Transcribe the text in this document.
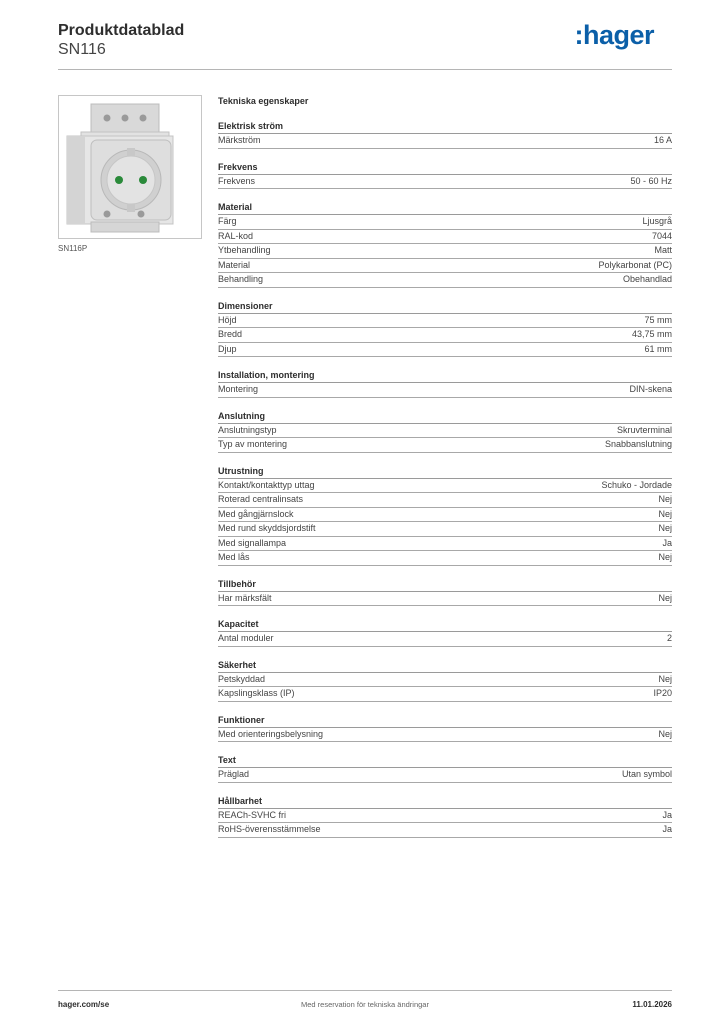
Produktdatablad
SN116	:hager
SN116P
Tekniska egenskaper
Elektrisk ström
Märkström	16 A
Frekvens
Frekvens	50 - 60 Hz
Material
Färg	Ljusgrå
RAL-kod	7044
Ytbehandling	Matt
Material	Polykarbonat (PC)
Behandling	Obehandlad
Dimensioner
Höjd	75 mm
Bredd	43,75 mm
Djup	61 mm
Installation, montering
Montering	DIN-skena
Anslutning
Anslutningstyp	Skruvterminal
Typ av montering	Snabbanslutning
Utrustning
Kontakt/kontakttyp uttag	Schuko - Jordade
Roterad centralinsats	Nej
Med gångjärnslock	Nej
Med rund skyddsjordstift	Nej
Med signallampa	Ja
Med lås	Nej
Tillbehör
Har märksfält	Nej
Kapacitet
Antal moduler	2
Säkerhet
Petskyddad	Nej
Kapslingsklass (IP)	IP20
Funktioner
Med orienteringsbelysning	Nej
Text
Präglad	Utan symbol
Hållbarhet
REACh-SVHC fri	Ja
RoHS-överensstämmelse	Ja
hager.com/se	Med reservation för tekniska ändringar	11.01.2026
